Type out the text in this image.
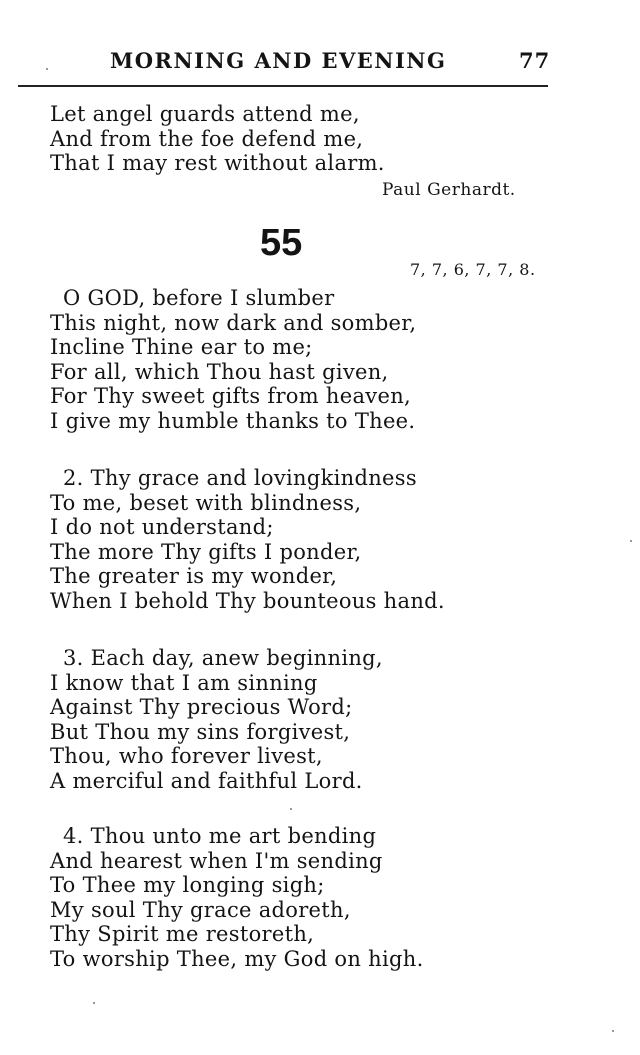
MORNING AND EVENING	77
Let angel guards attend me,
And from the foe defend me,
That I may rest without alarm.
Paul Gerhardt.
55
7, 7, 6, 7, 7, 8.
O GOD, before I slumber
This night, now dark and somber,
Incline Thine ear to me;
For all, which Thou hast given,
For Thy sweet gifts from heaven,
I give my humble thanks to Thee.
2. Thy grace and lovingkindness
To me, beset with blindness,
I do not understand;
The more Thy gifts I ponder,
The greater is my wonder,
When I behold Thy bounteous hand.
3. Each day, anew beginning,
I know that I am sinning
Against Thy precious Word;
But Thou my sins forgivest,
Thou, who forever livest,
A merciful and faithful Lord.
4. Thou unto me art bending
And hearest when I'm sending
To Thee my longing sigh;
My soul Thy grace adoreth,
Thy Spirit me restoreth,
To worship Thee, my God on high.
